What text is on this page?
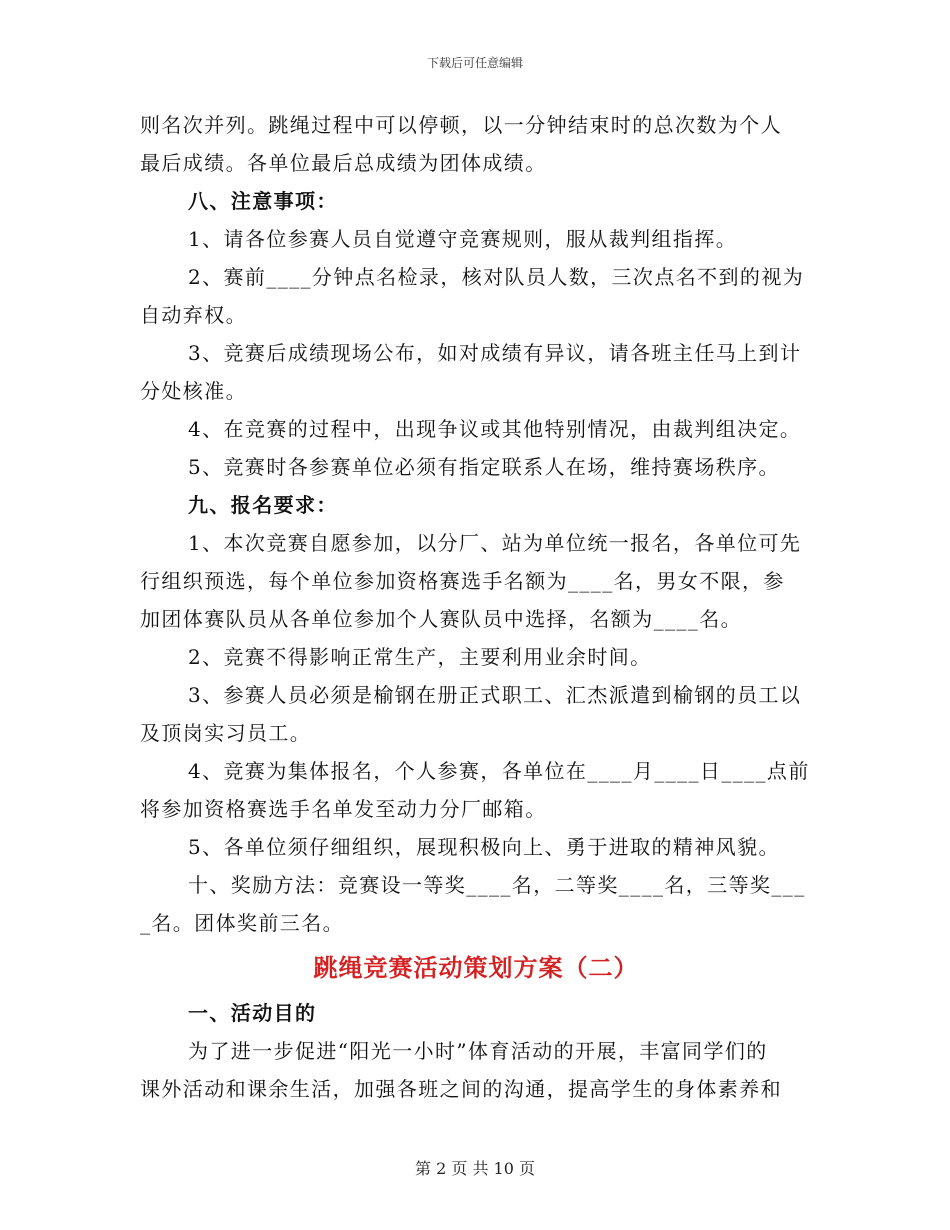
下载后可任意编辑
则名次并列。跳绳过程中可以停顿，以一分钟结束时的总次数为个人
最后成绩。各单位最后总成绩为团体成绩。
八、注意事项：
1、请各位参赛人员自觉遵守竞赛规则，服从裁判组指挥。
2、赛前____分钟点名检录，核对队员人数，三次点名不到的视为
自动弃权。
3、竞赛后成绩现场公布，如对成绩有异议，请各班主任马上到计
分处核准。
4、在竞赛的过程中，出现争议或其他特别情况，由裁判组决定。
5、竞赛时各参赛单位必须有指定联系人在场，维持赛场秩序。
九、报名要求：
1、本次竞赛自愿参加，以分厂、站为单位统一报名，各单位可先
行组织预选，每个单位参加资格赛选手名额为____名，男女不限，参
加团体赛队员从各单位参加个人赛队员中选择，名额为____名。
2、竞赛不得影响正常生产，主要利用业余时间。
3、参赛人员必须是榆钢在册正式职工、汇杰派遣到榆钢的员工以
及顶岗实习员工。
4、竞赛为集体报名，个人参赛，各单位在____月____日____点前
将参加资格赛选手名单发至动力分厂邮箱。
5、各单位须仔细组织，展现积极向上、勇于进取的精神风貌。
十、奖励方法：竞赛设一等奖____名，二等奖____名，三等奖___
_名。团体奖前三名。
跳绳竞赛活动策划方案（二）
一、活动目的
为了进一步促进“阳光一小时”体育活动的开展，丰富同学们的
课外活动和课余生活，加强各班之间的沟通，提高学生的身体素养和
第 2 页 共 10 页
